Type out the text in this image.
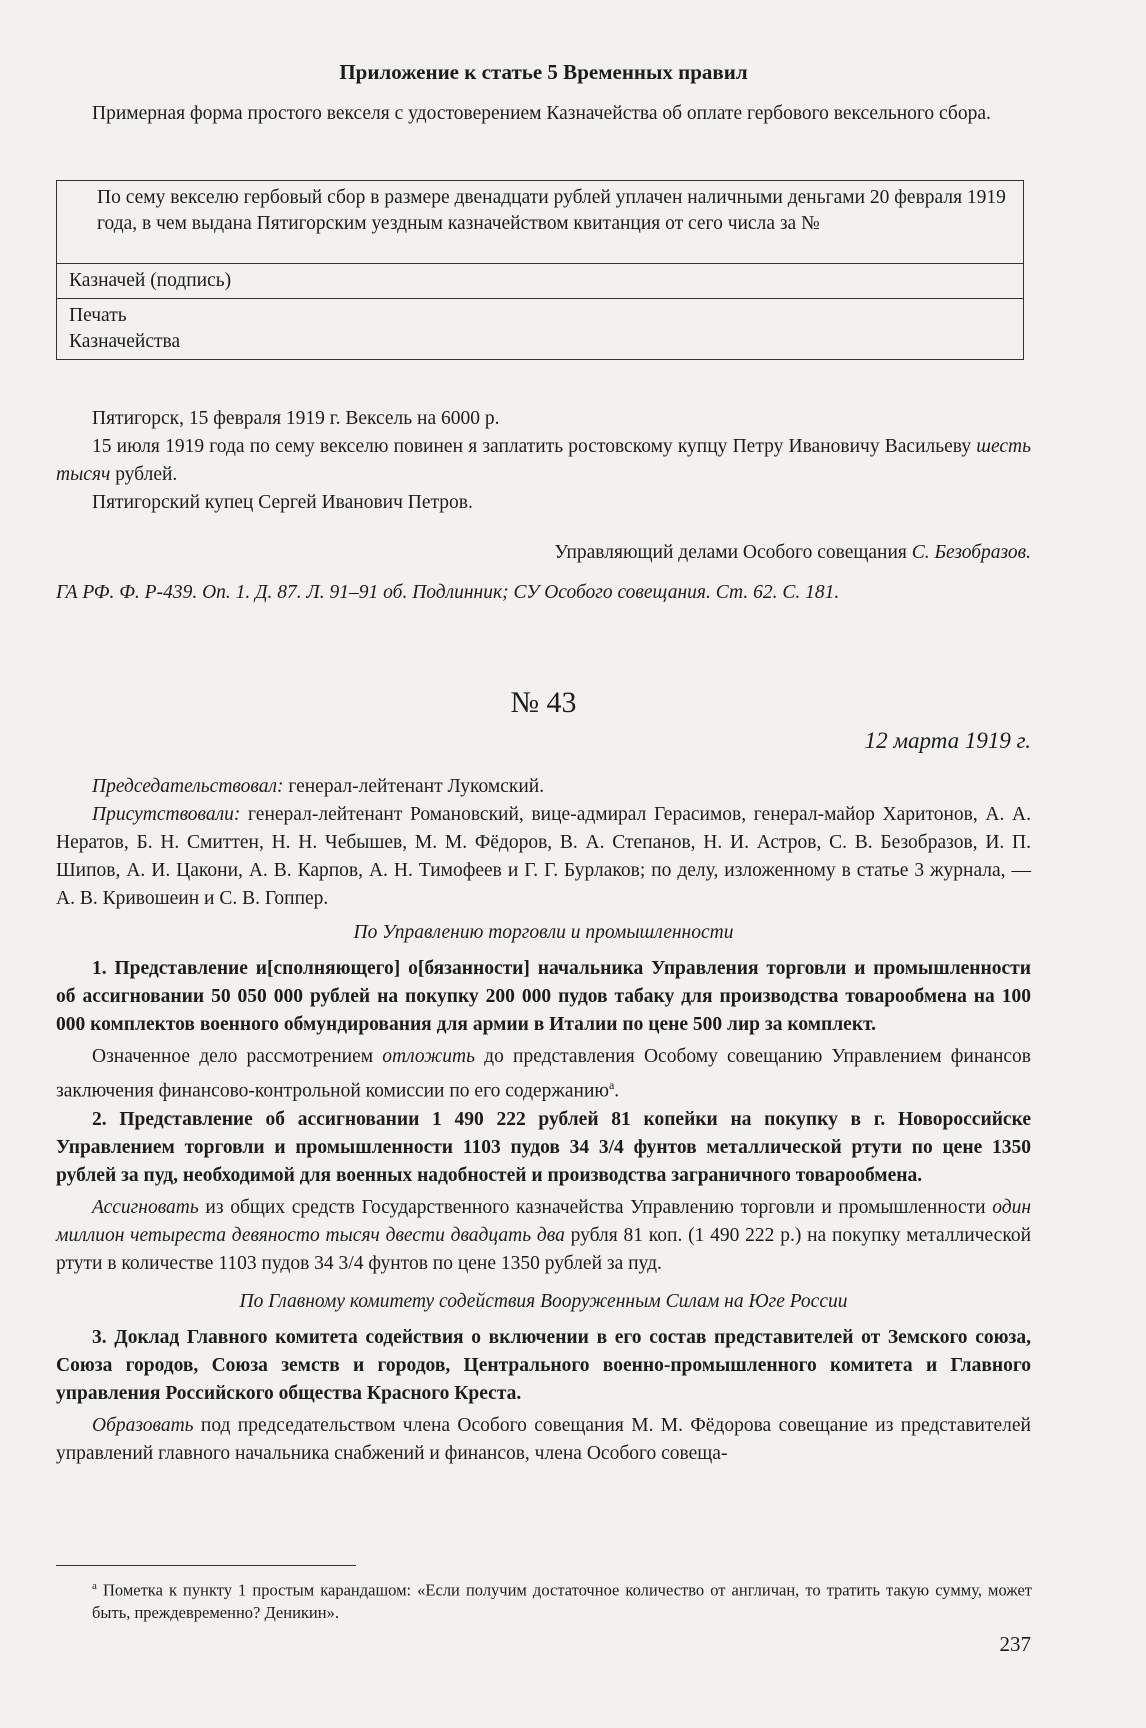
Приложение к статье 5 Временных правил

Примерная форма простого векселя с удостоверением Казначейства об оплате гербового вексельного сбора.

По сему векселю гербовый сбор в размере двенадцати рублей уплачен наличными деньгами 20 февраля 1919 года, в чем выдана Пятигорским уездным казначейством квитанция от сего числа за №
Казначей (подпись)

Печать
Казначейства

Пятигорск, 15 февраля 1919 г. Вексель на 6000 р.

15 июля 1919 года по сему векселю повинен я заплатить ростовскому купцу Петру Ивановичу Васильеву шесть тысяч рублей.

Пятигорский купец Сергей Иванович Петров.

Управляющий делами Особого совещания С. Безобразов.

ГА РФ. Ф. Р-439. Оп. 1. Д. 87. Л. 91–91 об. Подлинник; СУ Особого совещания. Ст. 62. С. 181.

№ 43

12 марта 1919 г.

Председательствовал: генерал-лейтенант Лукомский.

Присутствовали: генерал-лейтенант Романовский, вице-адмирал Герасимов, генерал-майор Харитонов, А. А. Нератов, Б. Н. Смиттен, Н. Н. Чебышев, М. М. Фёдоров, В. А. Степанов, Н. И. Астров, С. В. Безобразов, И. П. Шипов, А. И. Цакони, А. В. Карпов, А. Н. Тимофеев и Г. Г. Бурлаков; по делу, изложенному в статье 3 журнала, — А. В. Кривошеин и С. В. Гоппер.

По Управлению торговли и промышленности

1. Представление и[сполняющего] о[бязанности] начальника Управления торговли и промышленности об ассигновании 50 050 000 рублей на покупку 200 000 пудов табаку для производства товарообмена на 100 000 комплектов военного обмундирования для армии в Италии по цене 500 лир за комплект.

Означенное дело рассмотрением отложить до представления Особому совещанию Управлением финансов заключения финансово-контрольной комиссии по его содержанию$^а$.

2. Представление об ассигновании 1 490 222 рублей 81 копейки на покупку в г. Новороссийске Управлением торговли и промышленности 1103 пудов 34 3/4 фунтов металлической ртути по цене 1350 рублей за пуд, необходимой для военных надобностей и производства заграничного товарообмена.

Ассигновать из общих средств Государственного казначейства Управлению торговли и промышленности один миллион четыреста девяносто тысяч двести двадцать два рубля 81 коп. (1 490 222 р.) на покупку металлической ртути в количестве 1103 пудов 34 3/4 фунтов по цене 1350 рублей за пуд.

По Главному комитету содействия Вооруженным Силам на Юге России

3. Доклад Главного комитета содействия о включении в его состав представителей от Земского союза, Союза городов, Союза земств и городов, Центрального военно-промышленного комитета и Главного управления Российского общества Красного Креста.

Образовать под председательством члена Особого совещания М. М. Фёдорова совещание из представителей управлений главного начальника снабжений и финансов, члена Особого совеща-

$^а$ Пометка к пункту 1 простым карандашом: «Если получим достаточное количество от англичан, то тратить такую сумму, может быть, преждевременно? Деникин».

237
